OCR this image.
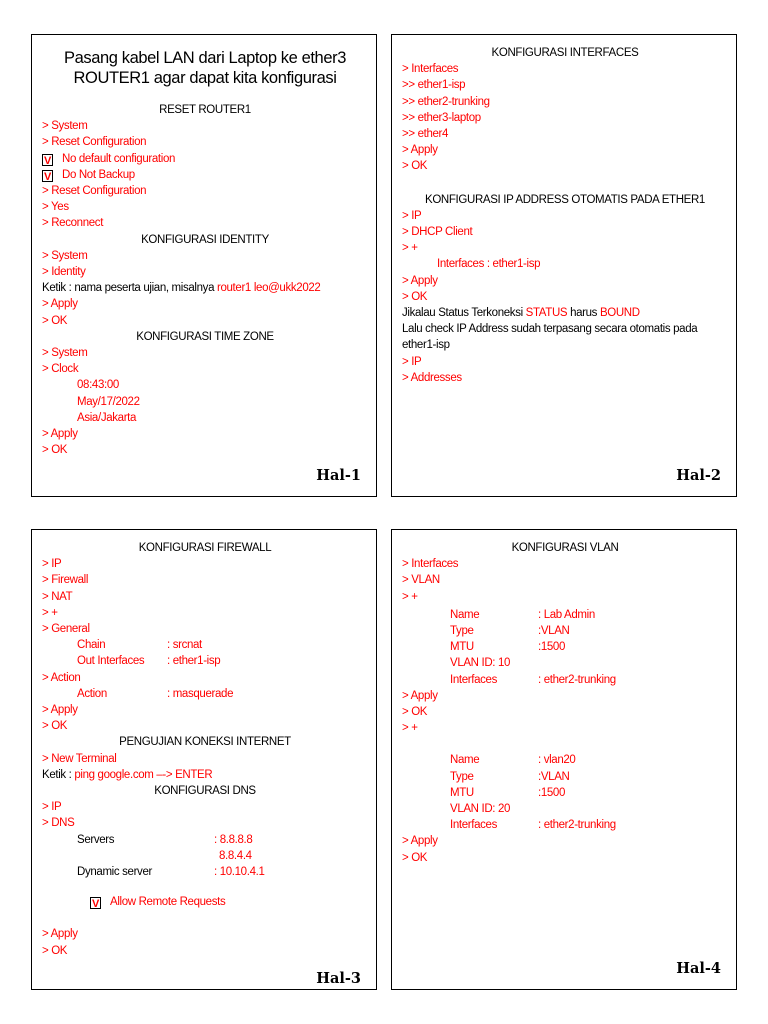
Pasang kabel LAN dari Laptop ke ether3
ROUTER1 agar dapat kita konfigurasi
RESET ROUTER1
> System
> Reset Configuration
V No default configuration
V Do Not Backup
> Reset Configuration
> Yes
> Reconnect
KONFIGURASI IDENTITY
> System
> Identity
Ketik : nama peserta ujian, misalnya router1 leo@ukk2022
> Apply
> OK
KONFIGURASI TIME ZONE
> System
> Clock
08:43:00
May/17/2022
Asia/Jakarta
> Apply
> OK
Hal-1
KONFIGURASI INTERFACES
> Interfaces
>> ether1-isp
>> ether2-trunking
>> ether3-laptop
>> ether4
> Apply
> OK
KONFIGURASI IP ADDRESS OTOMATIS PADA ETHER1
> IP
> DHCP Client
> +
Interfaces : ether1-isp
> Apply
> OK
Jikalau Status Terkoneksi STATUS harus BOUND
Lalu check IP Address sudah terpasang secara otomatis pada ether1-isp
> IP
> Addresses
Hal-2
KONFIGURASI FIREWALL
> IP
> Firewall
> NAT
> +
> General
Chain	: srcnat
Out Interfaces : ether1-isp
> Action
Action	: masquerade
> Apply
> OK
PENGUJIAN KONEKSI INTERNET
> New Terminal
Ketik : ping google.com –-> ENTER
KONFIGURASI DNS
> IP
> DNS
Servers	: 8.8.8.8
8.8.4.4
Dynamic server	: 10.10.4.1
V Allow Remote Requests
> Apply
> OK
Hal-3
KONFIGURASI VLAN
> Interfaces
> VLAN
> +
Name	: Lab Admin
Type	:VLAN
MTU	:1500
VLAN ID: 10
Interfaces	: ether2-trunking
> Apply
> OK
> +
Name	: vlan20
Type	:VLAN
MTU	:1500
VLAN ID: 20
Interfaces	: ether2-trunking
> Apply
> OK
Hal-4
